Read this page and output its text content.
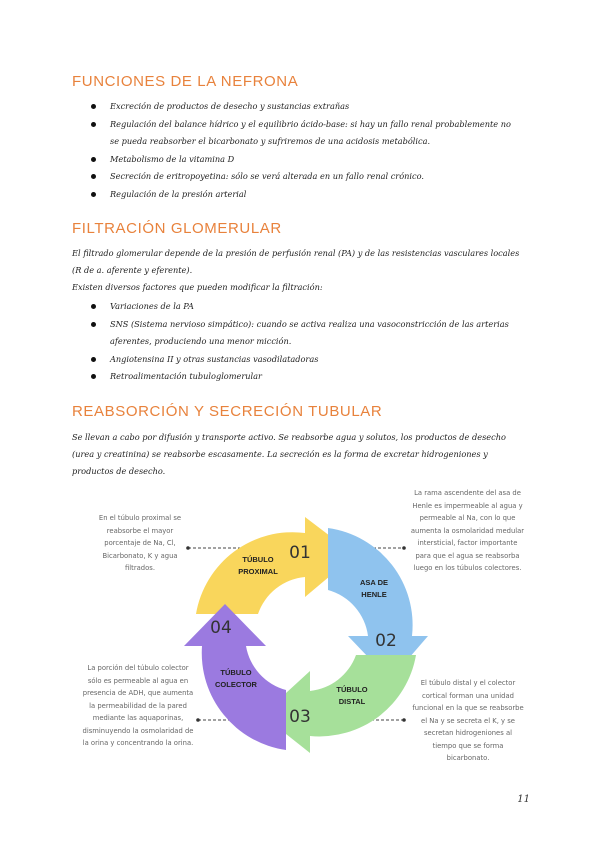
FUNCIONES DE LA NEFRONA
Excreción de productos de desecho y sustancias extrañas
Regulación del balance hídrico y el equilibrio ácido-base: si hay un fallo renal probablemente no se pueda reabsorber el bicarbonato y sufriremos de una acidosis metabólica.
Metabolismo de la vitamina D
Secreción de eritropoyetina: sólo se verá alterada en un fallo renal crónico.
Regulación de la presión arterial
FILTRACIÓN GLOMERULAR

El filtrado glomerular depende de la presión de perfusión renal (PA) y de las resistencias vasculares locales (R de a. aferente y eferente).

Existen diversos factores que pueden modificar la filtración:

Variaciones de la PA
SNS (Sistema nervioso simpático): cuando se activa realiza una vasoconstricción de las arterias aferentes, produciendo una menor micción.
Angiotensina II y otras sustancias vasodilatadoras
Retroalimentación tubuloglomerular
REABSORCIÓN Y SECRECIÓN TUBULAR

Se llevan a cabo por difusión y transporte activo. Se reabsorbe agua y solutos, los productos de desecho (urea y creatinina) se reabsorbe escasamente. La secreción es la forma de excretar hidrogeniones y productos de desecho.

TÚBULO
PROXIMAL
ASA DE
HENLE
TÚBULO
DISTAL
TÚBULO
COLECTOR
01
02
03
04

En el túbulo proximal se reabsorbe el mayor porcentaje de Na, Cl, Bicarbonato, K y agua filtrados.

La rama ascendente del asa de Henle es impermeable al agua y permeable al Na, con lo que aumenta la osmolaridad medular intersticial, factor importante para que el agua se reabsorba luego en los túbulos colectores.

La porción del túbulo colector sólo es permeable al agua en presencia de ADH, que aumenta la permeabilidad de la pared mediante las aquaporinas, disminuyendo la osmolaridad de la orina y concentrando la orina.

El túbulo distal y el colector cortical forman una unidad funcional en la que se reabsorbe el Na y se secreta el K, y se secretan hidrogeniones al tiempo que se forma bicarbonato.

11
